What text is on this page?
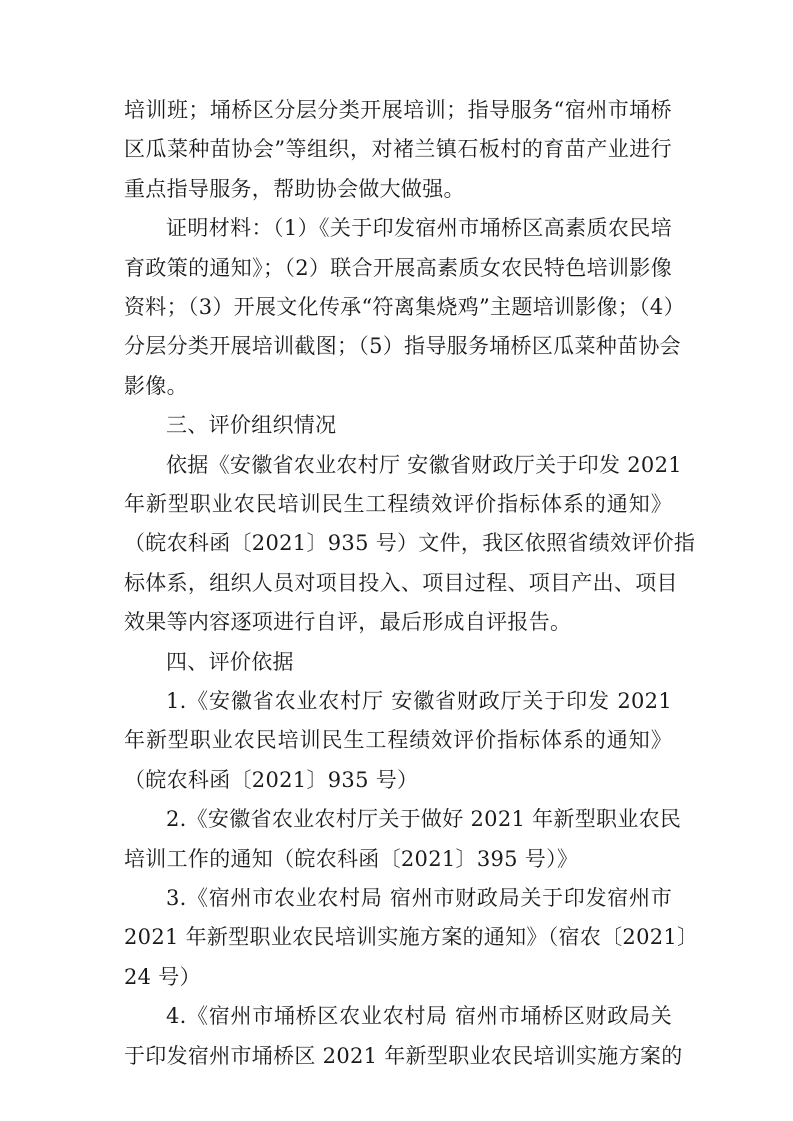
培训班；埇桥区分层分类开展培训；指导服务“宿州市埇桥
区瓜菜种苗协会”等组织，对褚兰镇石板村的育苗产业进行
重点指导服务，帮助协会做大做强。
证明材料：（1）《关于印发宿州市埇桥区高素质农民培
育政策的通知》；（2）联合开展高素质女农民特色培训影像
资料；（3）开展文化传承“符离集烧鸡”主题培训影像；（4）
分层分类开展培训截图；（5）指导服务埇桥区瓜菜种苗协会
影像。
三、评价组织情况
依据《安徽省农业农村厅 安徽省财政厅关于印发 2021
年新型职业农民培训民生工程绩效评价指标体系的通知》
（皖农科函〔2021〕935 号）文件，我区依照省绩效评价指
标体系，组织人员对项目投入、项目过程、项目产出、项目
效果等内容逐项进行自评，最后形成自评报告。
四、评价依据
1.《安徽省农业农村厅 安徽省财政厅关于印发 2021
年新型职业农民培训民生工程绩效评价指标体系的通知》
（皖农科函〔2021〕935 号）
2.《安徽省农业农村厅关于做好 2021 年新型职业农民
培训工作的通知（皖农科函〔2021〕395 号）》
3.《宿州市农业农村局 宿州市财政局关于印发宿州市
2021 年新型职业农民培训实施方案的通知》（宿农〔2021〕
24 号）
4.《宿州市埇桥区农业农村局 宿州市埇桥区财政局关
于印发宿州市埇桥区 2021 年新型职业农民培训实施方案的
